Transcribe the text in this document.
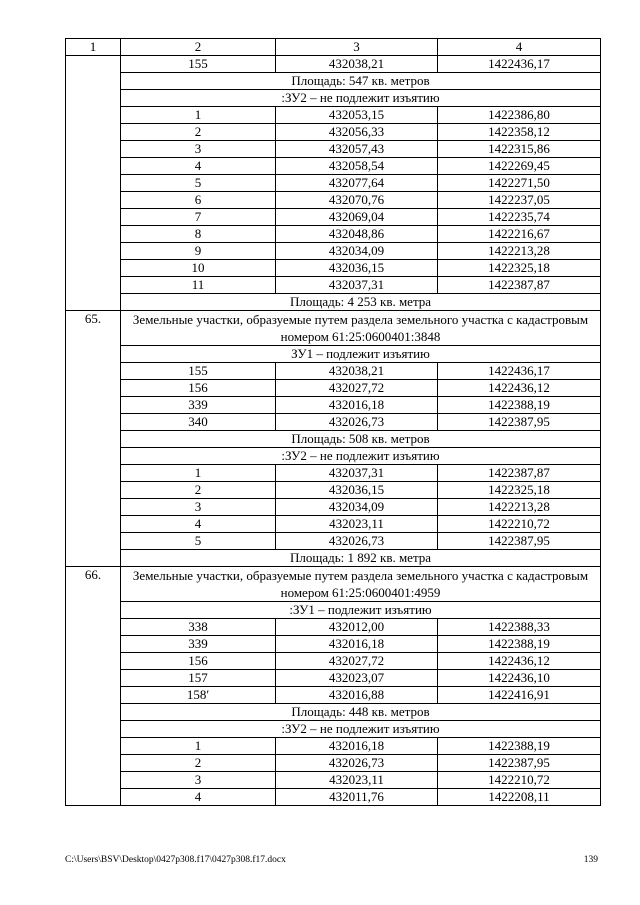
1	2	3	4
	155	432038,21	1422436,17
	Площадь: 547 кв. метров		
	:ЗУ2 – не подлежит изъятию		
	1	432053,15	1422386,80
	2	432056,33	1422358,12
	3	432057,43	1422315,86
	4	432058,54	1422269,45
	5	432077,64	1422271,50
	6	432070,76	1422237,05
	7	432069,04	1422235,74
	8	432048,86	1422216,67
	9	432034,09	1422213,28
	10	432036,15	1422325,18
	11	432037,31	1422387,87
	Площадь: 4 253 кв. метра		
65.	Земельные участки, образуемые путем раздела земельного участка с кадастровым номером 61:25:0600401:3848		
	ЗУ1 – подлежит изъятию		
	155	432038,21	1422436,17
	156	432027,72	1422436,12
	339	432016,18	1422388,19
	340	432026,73	1422387,95
	Площадь: 508 кв. метров		
	:ЗУ2 – не подлежит изъятию		
	1	432037,31	1422387,87
	2	432036,15	1422325,18
	3	432034,09	1422213,28
	4	432023,11	1422210,72
	5	432026,73	1422387,95
	Площадь: 1 892 кв. метра		
66.	Земельные участки, образуемые путем раздела земельного участка с кадастровым номером 61:25:0600401:4959		
	:ЗУ1 – подлежит изъятию		
	338	432012,00	1422388,33
	339	432016,18	1422388,19
	156	432027,72	1422436,12
	157	432023,07	1422436,10
	158′	432016,88	1422416,91
	Площадь: 448 кв. метров		
	:ЗУ2 – не подлежит изъятию		
	1	432016,18	1422388,19
	2	432026,73	1422387,95
	3	432023,11	1422210,72
	4	432011,76	1422208,11
C:\Users\BSV\Desktop\0427p308.f17\0427p308.f17.docx	139
